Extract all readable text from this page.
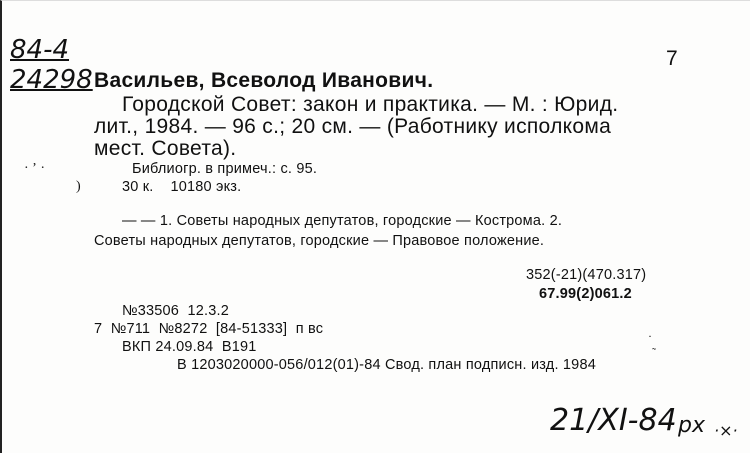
84-4
24298
7
Васильев, Всеволод Иванович.
Городской Совет: закон и практика. — М. : Юрид.
лит., 1984. — 96 с.; 20 см. — (Работнику исполкома
мест. Совета).
· ʼ ·
)
Библиогр. в примеч.: с. 95.
30 к.    10180 экз.
— — 1. Советы народных депутатов, городские — Кострома. 2.
Советы народных депутатов, городские — Правовое положение.
352(-21)(470.317)
67.99(2)061.2
№33506  12.3.2
7  №711  №8272  [84-51333]  п вс
ВКП 24.09.84  В191
В 1203020000-056/012(01)-84 Свод. план подписн. изд. 1984
·
˜
21/XI-84 рх ·×·
